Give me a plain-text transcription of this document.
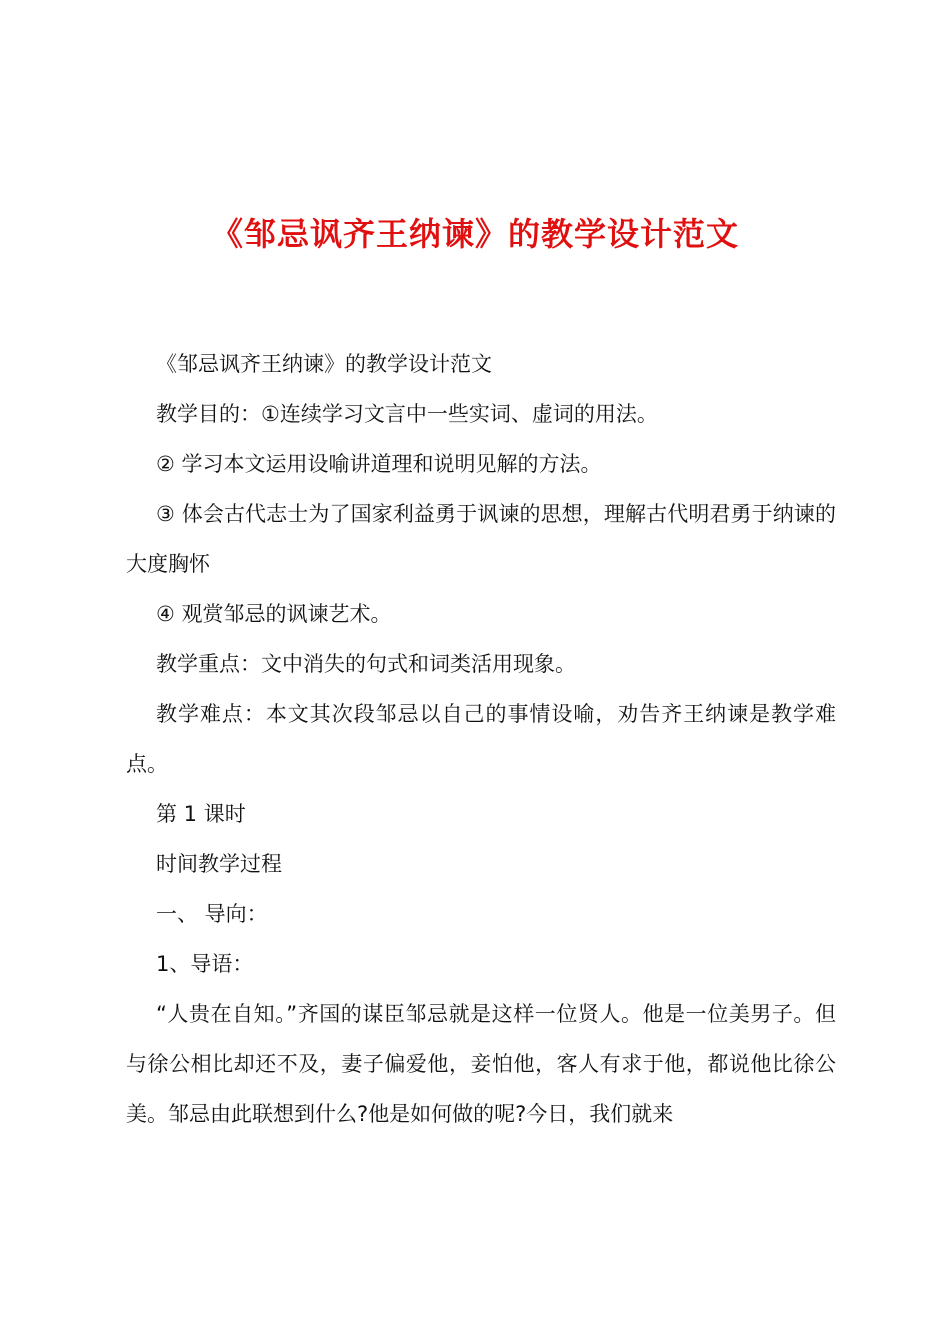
《邹忌讽齐王纳谏》的教学设计范文

《邹忌讽齐王纳谏》的教学设计范文

教学目的：①连续学习文言中一些实词、虚词的用法。

② 学习本文运用设喻讲道理和说明见解的方法。

③ 体会古代志士为了国家利益勇于讽谏的思想，理解古代明君勇于纳谏的大度胸怀

④ 观赏邹忌的讽谏艺术。

教学重点：文中消失的句式和词类活用现象。

教学难点：本文其次段邹忌以自己的事情设喻，劝告齐王纳谏是教学难点。

第 1 课时

时间教学过程

一、 导向：

1、导语：

“人贵在自知。”齐国的谋臣邹忌就是这样一位贤人。他是一位美男子。但与徐公相比却还不及，妻子偏爱他，妾怕他，客人有求于他，都说他比徐公美。邹忌由此联想到什么?他是如何做的呢?今日，我们就来
